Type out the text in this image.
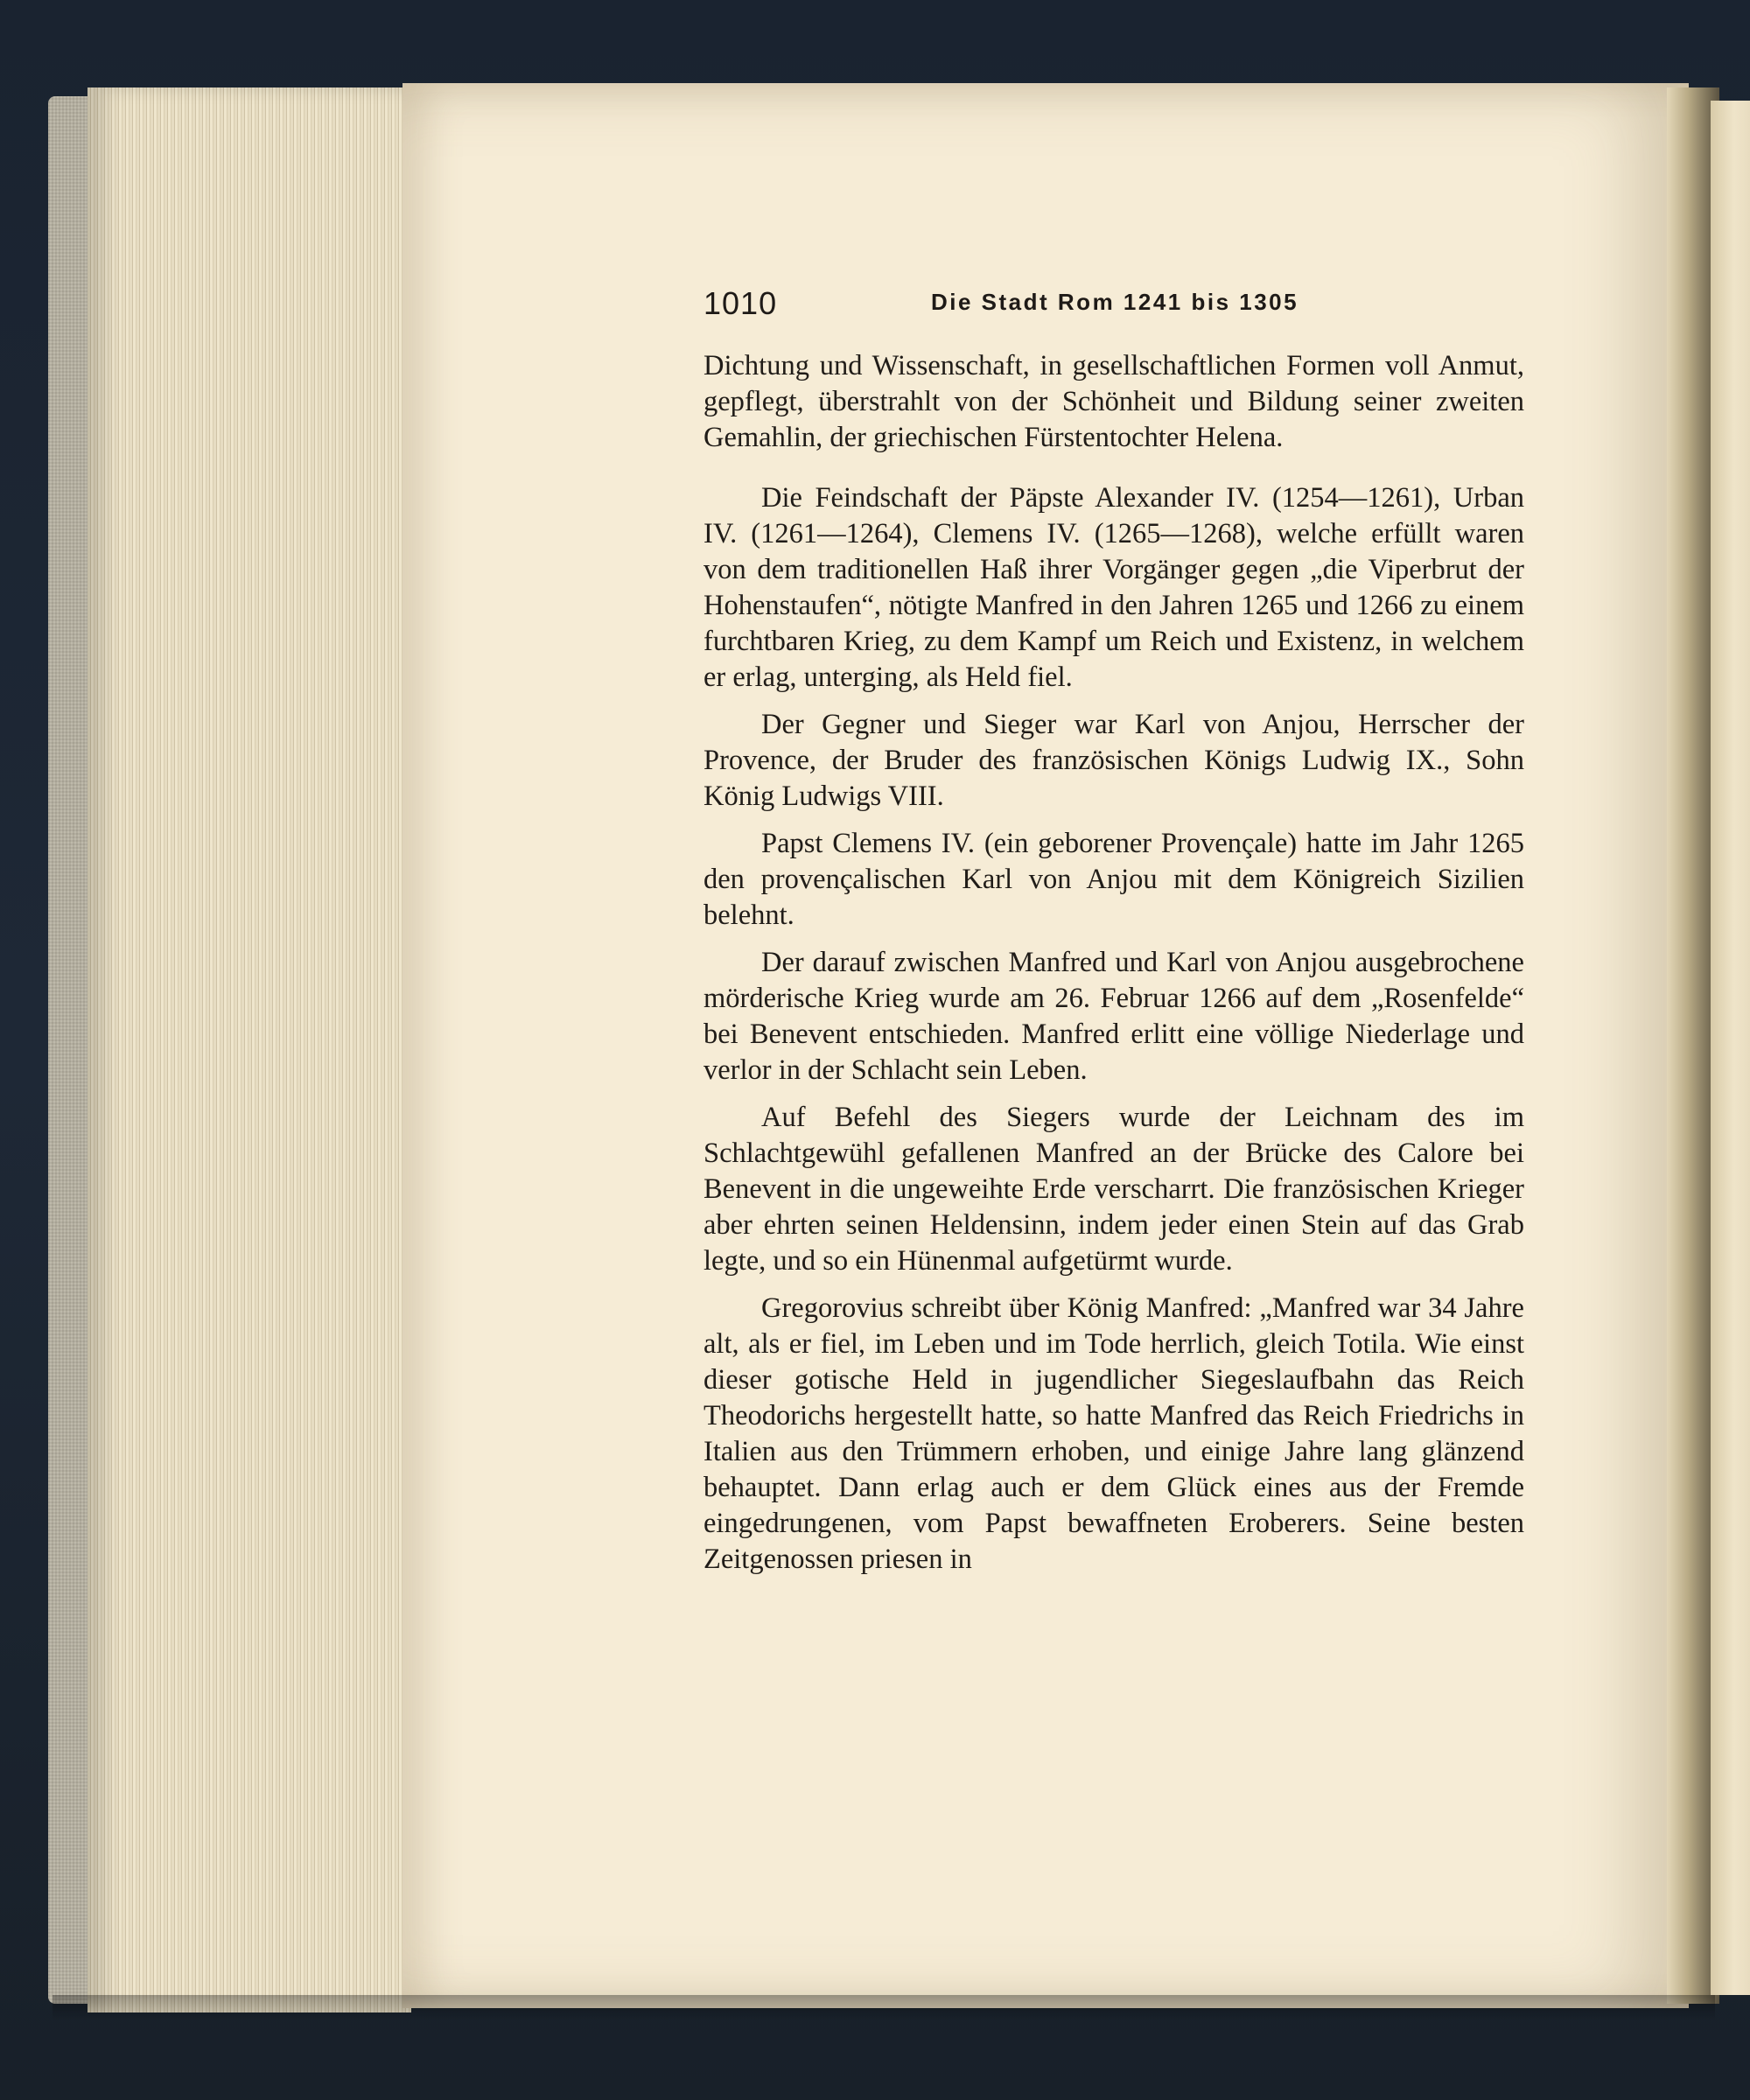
1010	Die Stadt Rom 1241 bis 1305

Dichtung und Wissenschaft, in gesellschaftlichen Formen voll Anmut, gepflegt, überstrahlt von der Schönheit und Bildung seiner zweiten Gemahlin, der griechischen Fürstentochter Helena.

Die Feindschaft der Päpste Alexander IV. (1254—1261), Urban IV. (1261—1264), Clemens IV. (1265—1268), welche erfüllt waren von dem traditionellen Haß ihrer Vorgänger gegen „die Viperbrut der Hohenstaufen“, nötigte Manfred in den Jahren 1265 und 1266 zu einem furchtbaren Krieg, zu dem Kampf um Reich und Existenz, in welchem er erlag, unterging, als Held fiel.

Der Gegner und Sieger war Karl von Anjou, Herrscher der Provence, der Bruder des französischen Königs Ludwig IX., Sohn König Ludwigs VIII.

Papst Clemens IV. (ein geborener Provençale) hatte im Jahr 1265 den provençalischen Karl von Anjou mit dem Königreich Sizilien belehnt.

Der darauf zwischen Manfred und Karl von Anjou ausgebrochene mörderische Krieg wurde am 26. Februar 1266 auf dem „Rosenfelde“ bei Benevent entschieden. Manfred erlitt eine völlige Niederlage und verlor in der Schlacht sein Leben.

Auf Befehl des Siegers wurde der Leichnam des im Schlachtgewühl gefallenen Manfred an der Brücke des Calore bei Benevent in die ungeweihte Erde verscharrt. Die französischen Krieger aber ehrten seinen Heldensinn, indem jeder einen Stein auf das Grab legte, und so ein Hünenmal aufgetürmt wurde.

Gregorovius schreibt über König Manfred: „Manfred war 34 Jahre alt, als er fiel, im Leben und im Tode herrlich, gleich Totila. Wie einst dieser gotische Held in jugendlicher Siegeslaufbahn das Reich Theodorichs hergestellt hatte, so hatte Manfred das Reich Friedrichs in Italien aus den Trümmern erhoben, und einige Jahre lang glänzend behauptet. Dann erlag auch er dem Glück eines aus der Fremde eingedrungenen, vom Papst bewaffneten Eroberers. Seine besten Zeitgenossen priesen in
